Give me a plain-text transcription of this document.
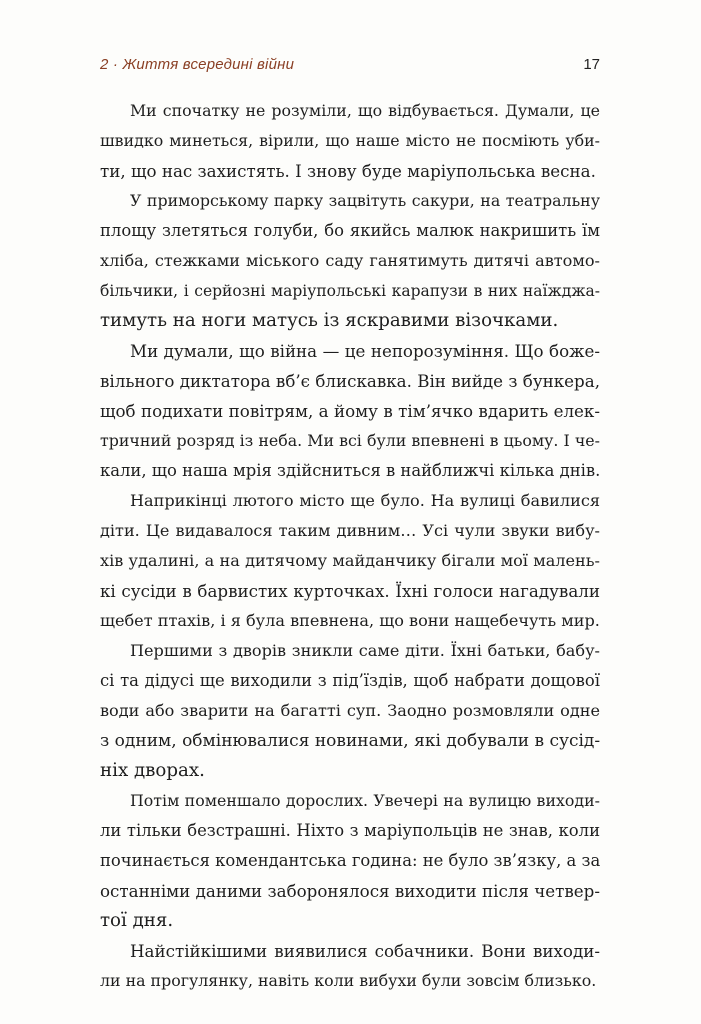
2 · Життя всередині війни	17
Ми спочатку не розуміли, що відбувається. Думали, це
швидко минеться, вірили, що наше місто не посміють уби-
ти, що нас захистять. І знову буде маріупольська весна.
У приморському парку зацвітуть сакури, на театральну
площу злетяться голуби, бо якийсь малюк накришить їм
хліба, стежками міського саду ганятимуть дитячі автомо-
більчики, і серйозні маріупольські карапузи в них наїжджа-
тимуть на ноги матусь із яскравими візочками.
Ми думали, що війна — це непорозуміння. Що боже-
вільного диктатора вб’є блискавка. Він вийде з бункера,
щоб подихати повітрям, а йому в тім’ячко вдарить елек-
тричний розряд із неба. Ми всі були впевнені в цьому. І че-
кали, що наша мрія здійсниться в найближчі кілька днів.
Наприкінці лютого місто ще було. На вулиці бавилися
діти. Це видавалося таким дивним… Усі чули звуки вибу-
хів удалині, а на дитячому майданчику бігали мої малень-
кі сусіди в барвистих курточках. Їхні голоси нагадували
щебет птахів, і я була впевнена, що вони нащебечуть мир.
Першими з дворів зникли саме діти. Їхні батьки, бабу-
сі та дідусі ще виходили з під’їздів, щоб набрати дощової
води або зварити на багатті суп. Заодно розмовляли одне
з одним, обмінювалися новинами, які добували в сусід-
ніх дворах.
Потім поменшало дорослих. Увечері на вулицю виходи-
ли тільки безстрашні. Ніхто з маріупольців не знав, коли
починається комендантська година: не було зв’язку, а за
останніми даними заборонялося виходити після четвер-
тої дня.
Найстійкішими виявилися собачники. Вони виходи-
ли на прогулянку, навіть коли вибухи були зовсім близько.
